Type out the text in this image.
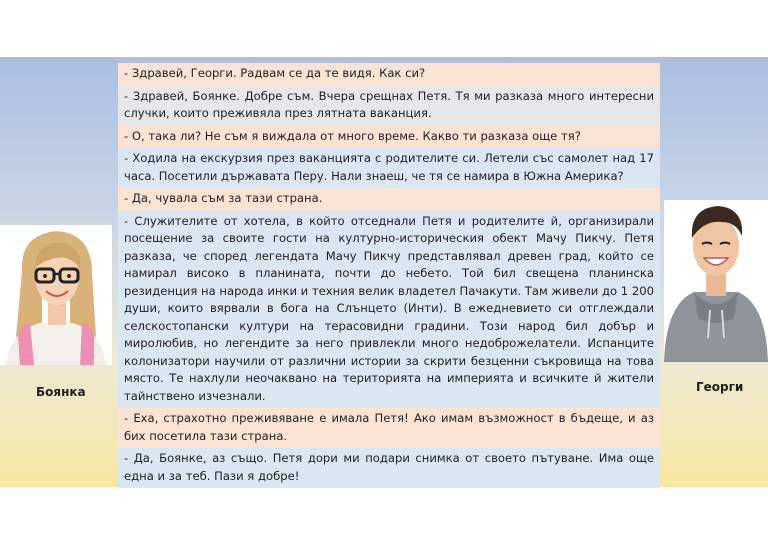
Боянка	Георги
- Здравей, Георги. Радвам се да те видя. Как си?
- Здравей, Боянке. Добре съм. Вчера срещнах Петя. Тя ми разказа много интересни случки, които преживяла през лятната ваканция.
- О, така ли? Не съм я виждала от много време. Какво ти разказа още тя?
- Ходила на екскурзия през ваканцията с родителите си. Летели със самолет над 17 часа. Посетили държавата Перу. Нали знаеш, че тя се намира в Южна Америка?
- Да, чувала съм за тази страна.
- Служителите от хотела, в който отседнали Петя и родителите й, организирали посещение за своите гости на културно-историческия обект Мачу Пикчу. Петя разказа, че според легендата Мачу Пикчу представлявал древен град, който се намирал високо в планината, почти до небето. Той бил свещена планинска резиденция на народа инки и техния велик владетел Пачакути. Там живели до 1 200 души, които вярвали в бога на Слънцето (Инти). В ежедневието си отглеждали селскостопански култури на терасовидни градини. Този народ бил добър и миролюбив, но легендите за него привлекли много недоброжелатели. Испанците колонизатори научили от различни истории за скрити безценни съкровища на това място. Те нахлули неочаквано на територията на империята и всичките й жители тайнствено изчезнали.
- Еха, страхотно преживяване е имала Петя! Ако имам възможност в бъдеще, и аз бих посетила тази страна.
- Да, Боянке, аз също. Петя дори ми подари снимка от своето пътуване. Има още една и за теб. Пази я добре!
